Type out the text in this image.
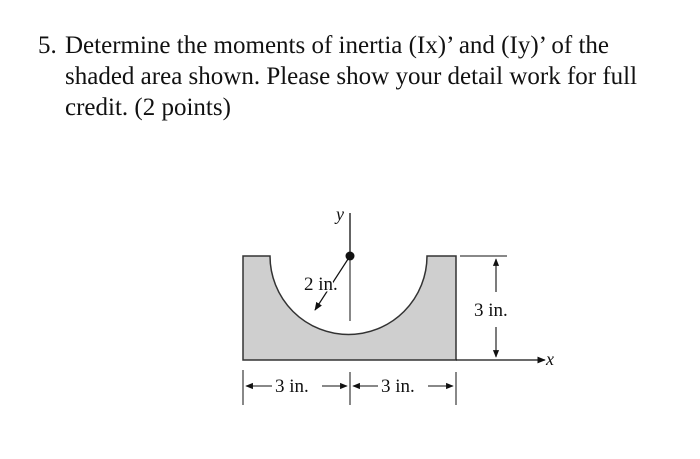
5. Determine the moments of inertia (Ix)’ and (Iy)’ of the
shaded area shown. Please show your detail work for full
credit. (2 points)
y
2 in.
x
3 in.
3 in.	3 in.
